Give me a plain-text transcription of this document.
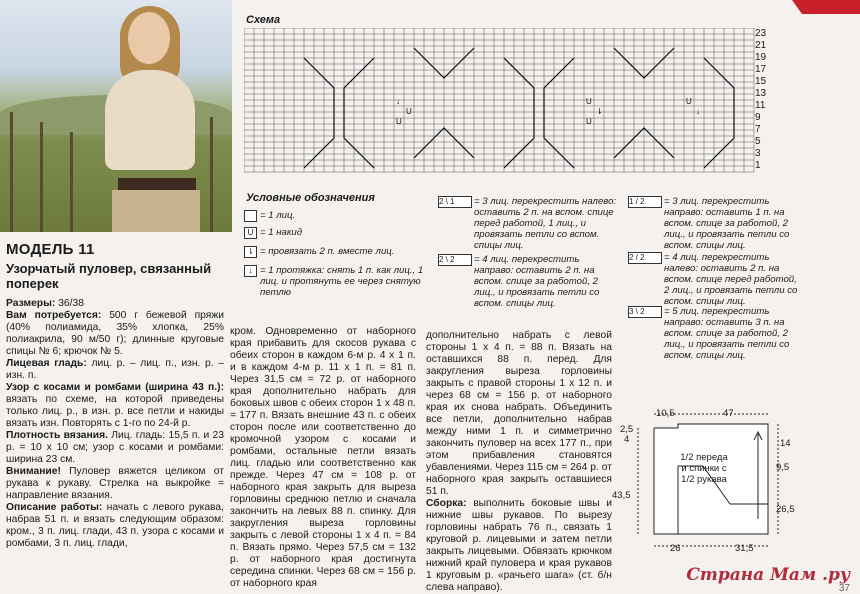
МОДЕЛЬ 11
Узорчатый пуловер, связанный поперек

Размеры: 36/38

Вам потребуется: 500 г бежевой пряжи (40% полиамида, 35% хлопка, 25% полиакрила, 90 м/50 г); длинные круговые спицы № 6; крючок № 5.

Лицевая гладь: лиц. р. – лиц. п., изн. р. – изн. п.

Узор с косами и ромбами (ширина 43 п.): вязать по схеме, на которой приведены только лиц. р., в изн. р. все петли и накиды вязать изн. Повторять с 1-го по 24-й р.

Плотность вязания. Лиц. гладь: 15,5 п. и 23 р. = 10 х 10 см; узор с косами и ромбами: ширина 23 см.

Внимание! Пуловер вяжется целиком от рукава к рукаву. Стрелка на выкройке = направление вязания.

Описание работы: начать с левого рукава, набрав 51 п. и вязать следующим образом: кром., 3 п. лиц. глади, 43 п. узора с косами и ромбами, 3 п. лиц. глади,

Схема
↓
U
U
U
⇂
U
U
↓
23
21
19
17
15
13
11
9
7
5
3
1
Условные обозначения
= 1 лиц.
U = 1 накид
⇂ = провязать 2 п. вместе лиц.
↓ = 1 протяжка: снять 1 п. как лиц., 1 лиц. и протянуть ее через снятую петлю
2 \ 1	= 3 лиц. перекрестить налево: оставить 2 п. на вспом. спице перед работой, 1 лиц., и провязать петли со вспом. спицы лиц.
2 \ 2	= 4 лиц. перекрестить направо: оставить 2 п. на вспом. спице за работой, 2 лиц., и провязать петли со вспом. спицы лиц.
1 / 2	= 3 лиц. перекрестить направо: оставить 1 п. на вспом. спице за работой, 2 лиц., и провязать петли со вспом. спицы лиц.
2 / 2	= 4 лиц. перекрестить налево: оставить 2 п. на вспом. спице перед работой, 2 лиц., и провязать петли со вспом. спицы лиц.
3 \ 2	= 5 лиц. перекрестить направо: оставить 3 п. на вспом. спице за работой, 2 лиц., и провязать петли со вспом. спицы лиц.

кром. Одновременно от наборного края прибавить для скосов рукава с обеих сторон в каждом 6-м р. 4 х 1 п. и в каждом 4-м р. 11 х 1 п. = 81 п. Через 31,5 см = 72 р. от наборного края дополнительно набрать для боковых швов с обеих сторон 1 х 48 п. = 177 п. Вязать внешние 43 п. с обеих сторон после или соответственно до кромочной узором с косами и ромбами, остальные петли вязать лиц. гладью или соответственно как прежде. Через 47 см = 108 р. от наборного края закрыть для выреза горловины среднюю петлю и сначала закончить на левых 88 п. спинку. Для закругления выреза горловины закрыть с левой стороны 1 х 4 п. = 84 п. Вязать прямо. Через 57,5 см = 132 р. от наборного края достигнута середина спинки. Через 68 см = 156 р. от наборного края

дополнительно набрать с левой стороны 1 х 4 п. = 88 п. Вязать на оставшихся 88 п. перед. Для закругления выреза горловины закрыть с правой стороны 1 х 12 п. и через 68 см = 156 р. от наборного края их снова набрать. Объединить все петли, дополнительно набрав между ними 1 п. и симметрично закончить пуловер на всех 177 п., при этом прибавления становятся убавлениями. Через 115 см = 264 р. от наборного края закрыть оставшиеся 51 п.

Сборка: выполнить боковые швы и нижние швы рукавов. По вырезу горловины набрать 76 п., связать 1 круговой р. лицевыми и затем петли закрыть лицевыми. Обвязать крючком нижний край пуловера и края рукавов 1 круговым р. «рачьего шага» (ст. б/н слева направо).

10,5	47
2,5
4	14
9,5
26,5
43,5
26	31,5
1/2 переда и спинки с 1/2 рукава
Страна Мам .ру
37
